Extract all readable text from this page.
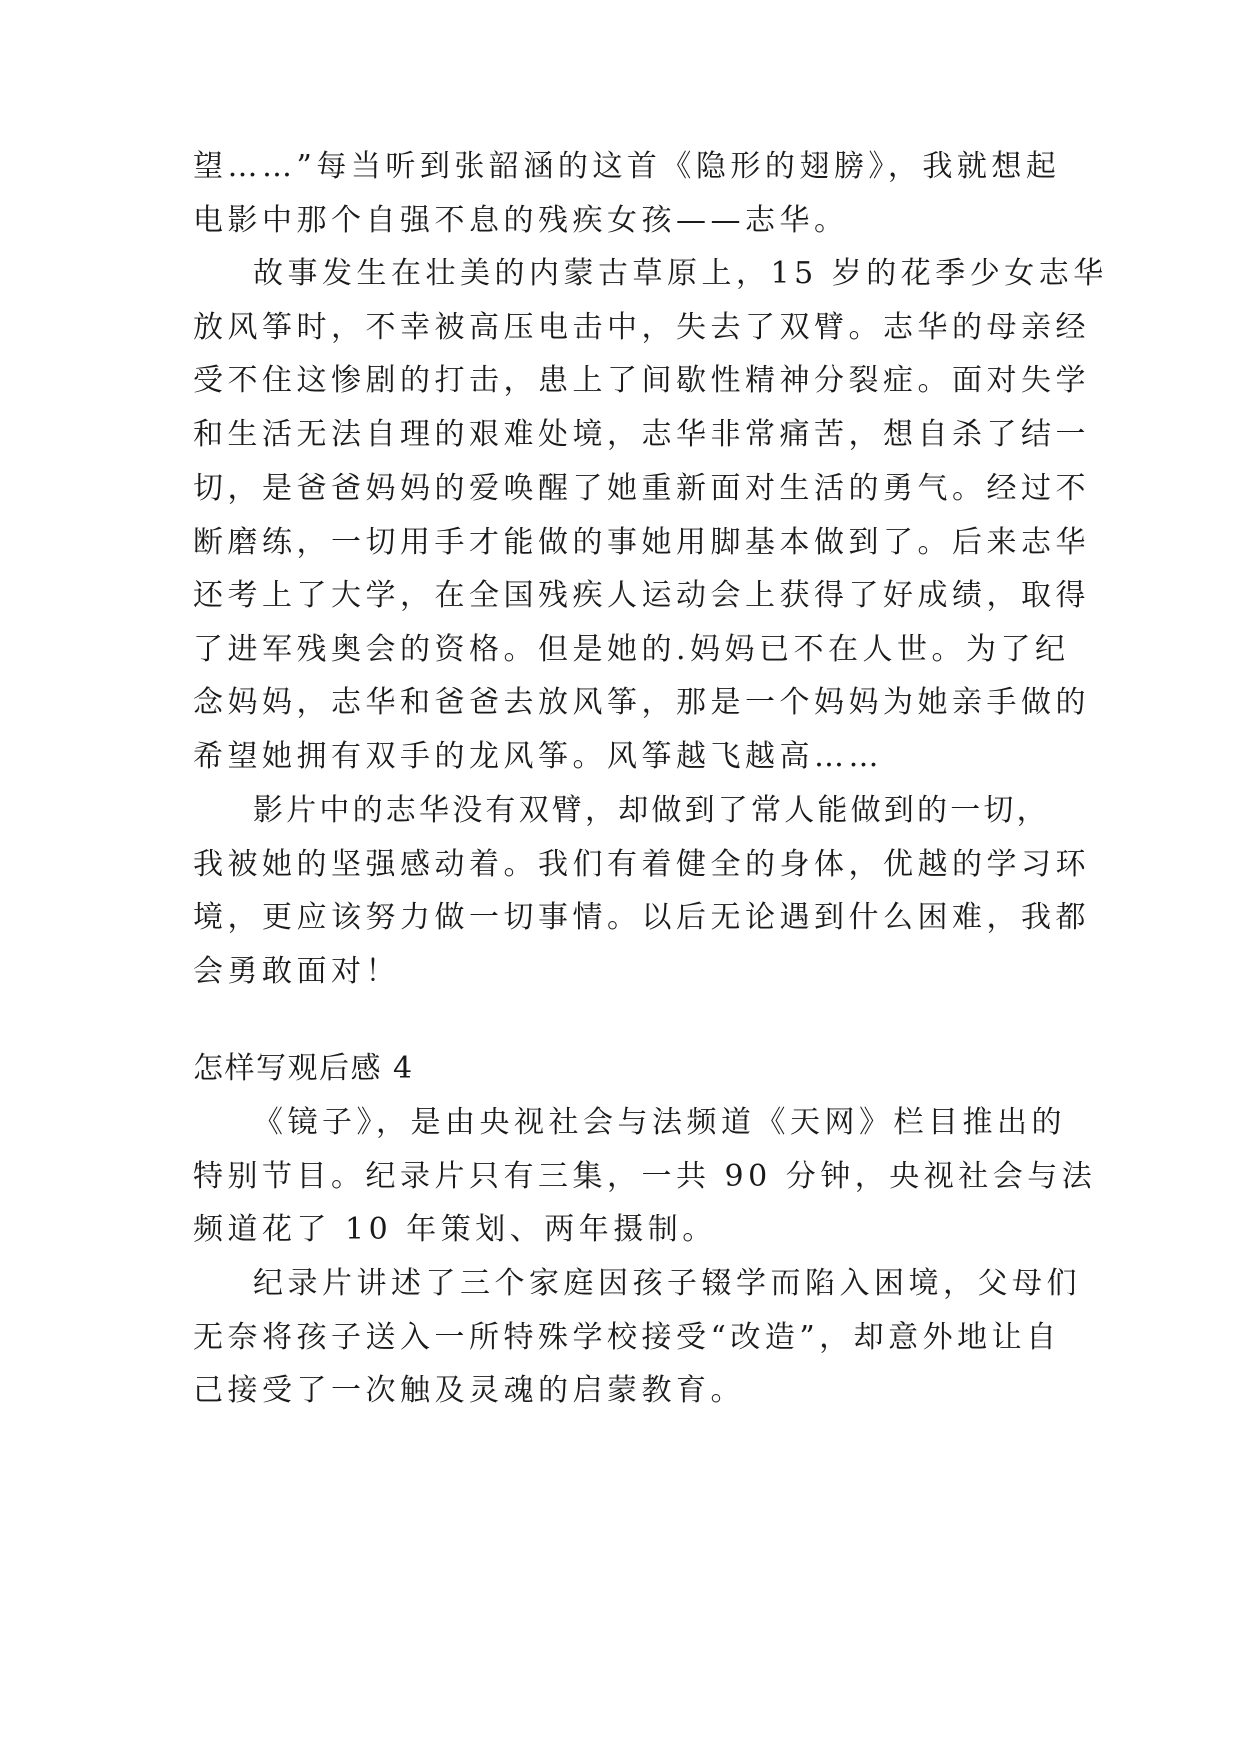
望……”每当听到张韶涵的这首《隐形的翅膀》，我就想起

电影中那个自强不息的残疾女孩——志华。

故事发生在壮美的内蒙古草原上，15 岁的花季少女志华

放风筝时，不幸被高压电击中，失去了双臂。志华的母亲经

受不住这惨剧的打击，患上了间歇性精神分裂症。面对失学

和生活无法自理的艰难处境，志华非常痛苦，想自杀了结一

切，是爸爸妈妈的爱唤醒了她重新面对生活的勇气。经过不

断磨练，一切用手才能做的事她用脚基本做到了。后来志华

还考上了大学，在全国残疾人运动会上获得了好成绩，取得

了进军残奥会的资格。但是她的.妈妈已不在人世。为了纪

念妈妈，志华和爸爸去放风筝，那是一个妈妈为她亲手做的

希望她拥有双手的龙风筝。风筝越飞越高……

影片中的志华没有双臂，却做到了常人能做到的一切，

我被她的坚强感动着。我们有着健全的身体，优越的学习环

境，更应该努力做一切事情。以后无论遇到什么困难，我都

会勇敢面对！

怎样写观后感 4

《镜子》，是由央视社会与法频道《天网》栏目推出的

特别节目。纪录片只有三集，一共 90 分钟，央视社会与法

频道花了 10 年策划、两年摄制。

纪录片讲述了三个家庭因孩子辍学而陷入困境，父母们

无奈将孩子送入一所特殊学校接受“改造”，却意外地让自

己接受了一次触及灵魂的启蒙教育。
